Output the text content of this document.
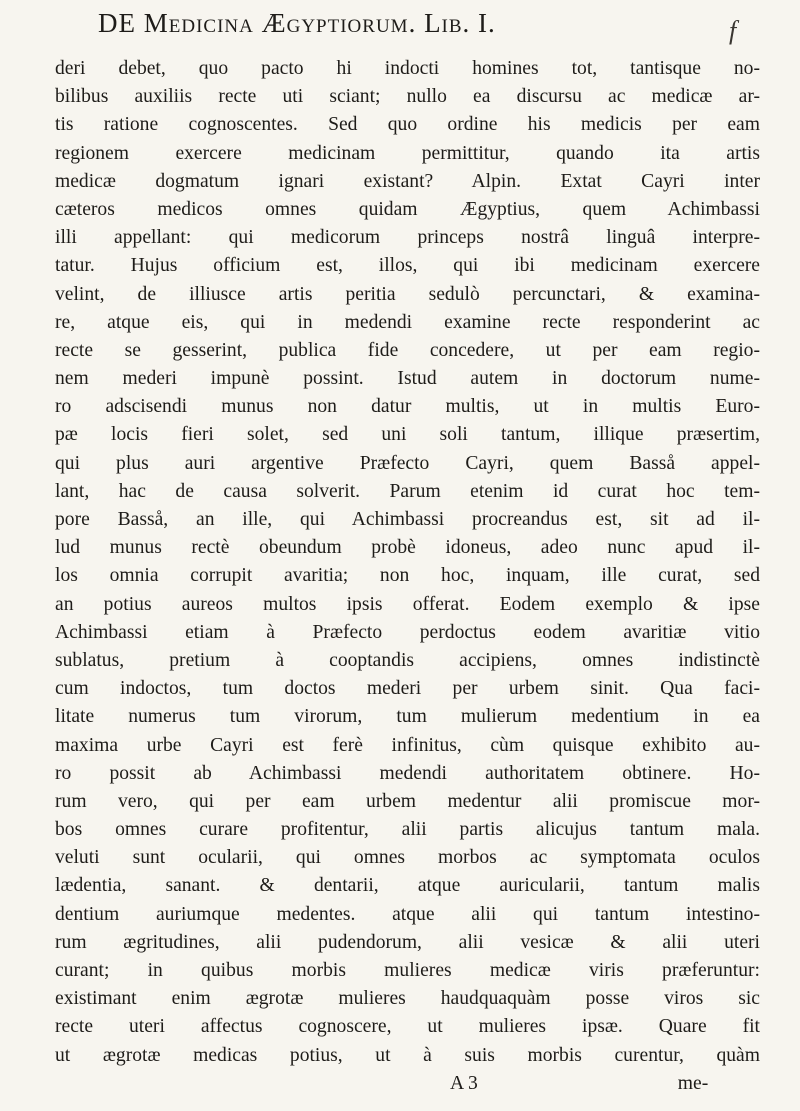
DE Medicina Ægyptiorum. Lib. I.	f
deri debet, quo pacto hi indocti homines tot, tantisque no-
bilibus auxiliis recte uti sciant; nullo ea discursu ac medicæ ar-
tis ratione cognoscentes. Sed quo ordine his medicis per eam
regionem exercere medicinam permittitur, quando ita artis
medicæ dogmatum ignari existant? Alpin. Extat Cayri inter
cæteros medicos omnes quidam Ægyptius, quem Achimbassi
illi appellant: qui medicorum princeps nostrâ linguâ interpre-
tatur. Hujus officium est, illos, qui ibi medicinam exercere
velint, de illiusce artis peritia sedulò percunctari, & examina-
re, atque eis, qui in medendi examine recte responderint ac
recte se gesserint, publica fide concedere, ut per eam regio-
nem mederi impunè possint. Istud autem in doctorum nume-
ro adscisendi munus non datur multis, ut in multis Euro-
pæ locis fieri solet, sed uni soli tantum, illique præsertim,
qui plus auri argentive Præfecto Cayri, quem Basså appel-
lant, hac de causa solverit. Parum etenim id curat hoc tem-
pore Basså, an ille, qui Achimbassi procreandus est, sit ad il-
lud munus rectè obeundum probè idoneus, adeo nunc apud il-
los omnia corrupit avaritia; non hoc, inquam, ille curat, sed
an potius aureos multos ipsis offerat. Eodem exemplo & ipse
Achimbassi etiam à Præfecto perdoctus eodem avaritiæ vitio
sublatus, pretium à cooptandis accipiens, omnes indistinctè
cum indoctos, tum doctos mederi per urbem sinit. Qua faci-
litate numerus tum virorum, tum mulierum medentium in ea
maxima urbe Cayri est ferè infinitus, cùm quisque exhibito au-
ro possit ab Achimbassi medendi authoritatem obtinere. Ho-
rum vero, qui per eam urbem medentur alii promiscue mor-
bos omnes curare profitentur, alii partis alicujus tantum mala.
veluti sunt ocularii, qui omnes morbos ac symptomata oculos
lædentia, sanant. & dentarii, atque auricularii, tantum malis
dentium auriumque medentes. atque alii qui tantum intestino-
rum ægritudines, alii pudendorum, alii vesicæ & alii uteri
curant; in quibus morbis mulieres medicæ viris præferuntur:
existimant enim ægrotæ mulieres haudquaquàm posse viros sic
recte uteri affectus cognoscere, ut mulieres ipsæ. Quare fit
ut ægrotæ medicas potius, ut à suis morbis curentur, quàm
A 3	me-
